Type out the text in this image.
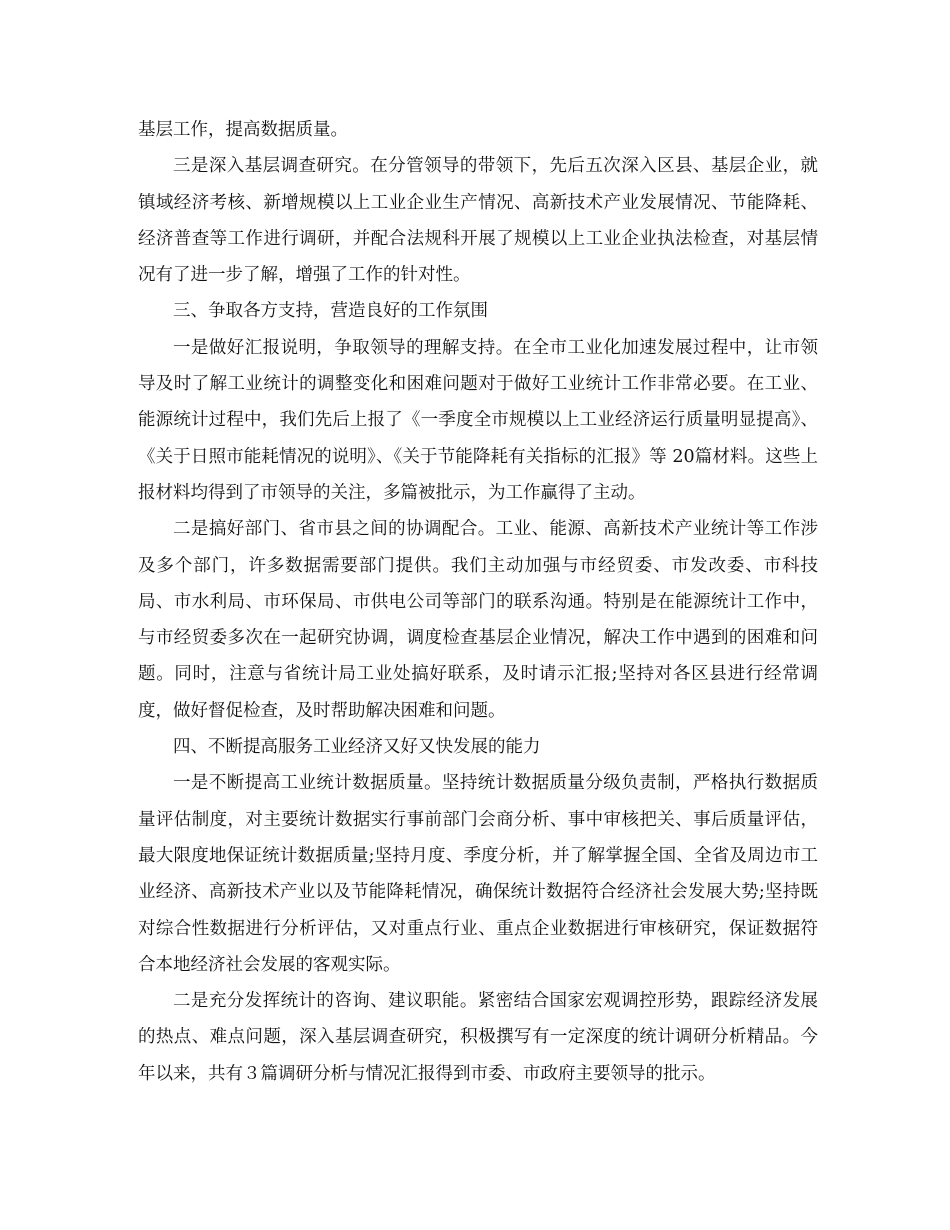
基层工作，提高数据质量。

三是深入基层调查研究。在分管领导的带领下，先后五次深入区县、基层企业，就镇域经济考核、新增规模以上工业企业生产情况、高新技术产业发展情况、节能降耗、经济普查等工作进行调研，并配合法规科开展了规模以上工业企业执法检查，对基层情况有了进一步了解，增强了工作的针对性。

三、争取各方支持，营造良好的工作氛围

一是做好汇报说明，争取领导的理解支持。在全市工业化加速发展过程中，让市领导及时了解工业统计的调整变化和困难问题对于做好工业统计工作非常必要。在工业、能源统计过程中，我们先后上报了《一季度全市规模以上工业经济运行质量明显提高》、《关于日照市能耗情况的说明》、《关于节能降耗有关指标的汇报》等 20篇材料。这些上报材料均得到了市领导的关注，多篇被批示，为工作赢得了主动。

二是搞好部门、省市县之间的协调配合。工业、能源、高新技术产业统计等工作涉及多个部门，许多数据需要部门提供。我们主动加强与市经贸委、市发改委、市科技局、市水利局、市环保局、市供电公司等部门的联系沟通。特别是在能源统计工作中，与市经贸委多次在一起研究协调，调度检查基层企业情况，解决工作中遇到的困难和问题。同时，注意与省统计局工业处搞好联系，及时请示汇报;坚持对各区县进行经常调度，做好督促检查，及时帮助解决困难和问题。

四、不断提高服务工业经济又好又快发展的能力

一是不断提高工业统计数据质量。坚持统计数据质量分级负责制，严格执行数据质量评估制度，对主要统计数据实行事前部门会商分析、事中审核把关、事后质量评估，最大限度地保证统计数据质量;坚持月度、季度分析，并了解掌握全国、全省及周边市工业经济、高新技术产业以及节能降耗情况，确保统计数据符合经济社会发展大势;坚持既对综合性数据进行分析评估，又对重点行业、重点企业数据进行审核研究，保证数据符合本地经济社会发展的客观实际。

二是充分发挥统计的咨询、建议职能。紧密结合国家宏观调控形势，跟踪经济发展的热点、难点问题，深入基层调查研究，积极撰写有一定深度的统计调研分析精品。今年以来，共有３篇调研分析与情况汇报得到市委、市政府主要领导的批示。
